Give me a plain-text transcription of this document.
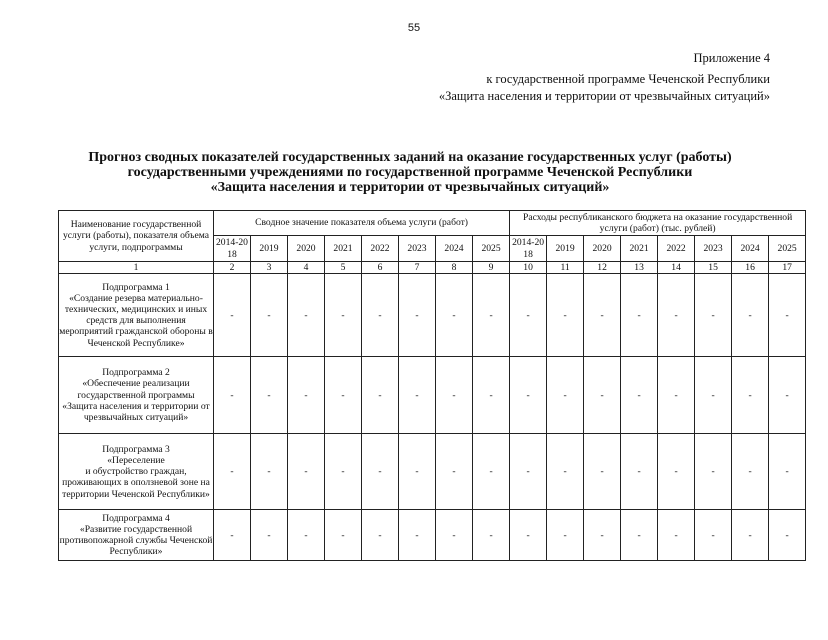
55
Приложение 4
к государственной программе Чеченской Республики
«Защита населения и территории от чрезвычайных ситуаций»
Прогноз сводных показателей государственных заданий на оказание государственных услуг (работы)
государственными учреждениями по государственной программе Чеченской Республики
«Защита населения и территории от чрезвычайных ситуаций»
Наименование государственной услуги (работы), показателя объема услуги, подпрограммы	Сводное значение показателя объема услуги (работ)								Расходы республиканского бюджета на оказание государственной услуги (работ) (тыс. рублей)							
	2014-2018	2019	2020	2021	2022	2023	2024	2025	2014-2018	2019	2020	2021	2022	2023	2024	2025
1	2	3	4	5	6	7	8	9	10	11	12	13	14	15	16	17
Подпрограмма 1
«Создание резерва материально-технических, медицинских и иных средств для выполнения мероприятий гражданской обороны в Чеченской Республике»	-	-	-	-	-	-	-	-	-	-	-	-	-	-	-	-
Подпрограмма 2
«Обеспечение реализации государственной программы «Защита населения и территории от чрезвычайных ситуаций»	-	-	-	-	-	-	-	-	-	-	-	-	-	-	-	-
Подпрограмма 3
«Переселение
и обустройство граждан, проживающих в оползневой зоне на территории Чеченской Республики»	-	-	-	-	-	-	-	-	-	-	-	-	-	-	-	-
Подпрограмма 4
«Развитие государственной противопожарной службы Чеченской Республики»	-	-	-	-	-	-	-	-	-	-	-	-	-	-	-	-
